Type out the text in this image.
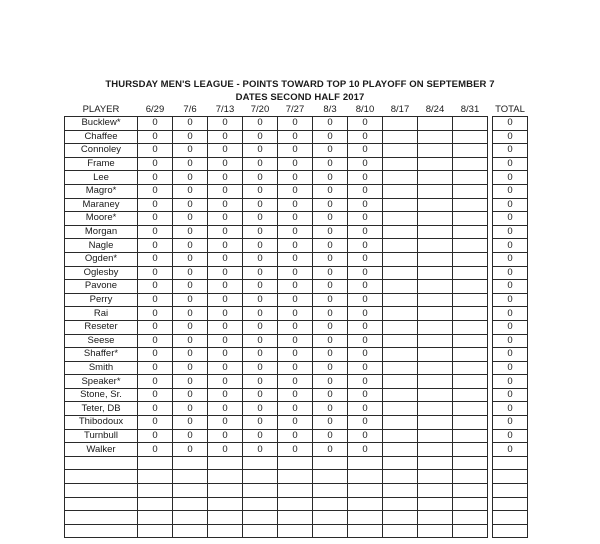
THURSDAY MEN'S LEAGUE - POINTS TOWARD TOP 10 PLAYOFF ON SEPTEMBER 7
DATES SECOND HALF 2017
PLAYER	6/29	7/6	7/13	7/20	7/27	8/3	8/10	8/17	8/24	8/31		TOTAL
Bucklew*	0	0	0	0	0	0	0					0
Chaffee	0	0	0	0	0	0	0					0
Connoley	0	0	0	0	0	0	0					0
Frame	0	0	0	0	0	0	0					0
Lee	0	0	0	0	0	0	0					0
Magro*	0	0	0	0	0	0	0					0
Maraney	0	0	0	0	0	0	0					0
Moore*	0	0	0	0	0	0	0					0
Morgan	0	0	0	0	0	0	0					0
Nagle	0	0	0	0	0	0	0					0
Ogden*	0	0	0	0	0	0	0					0
Oglesby	0	0	0	0	0	0	0					0
Pavone	0	0	0	0	0	0	0					0
Perry	0	0	0	0	0	0	0					0
Rai	0	0	0	0	0	0	0					0
Reseter	0	0	0	0	0	0	0					0
Seese	0	0	0	0	0	0	0					0
Shaffer*	0	0	0	0	0	0	0					0
Smith	0	0	0	0	0	0	0					0
Speaker*	0	0	0	0	0	0	0					0
Stone, Sr.	0	0	0	0	0	0	0					0
Teter, DB	0	0	0	0	0	0	0					0
Thibodoux	0	0	0	0	0	0	0					0
Turnbull	0	0	0	0	0	0	0					0
Walker	0	0	0	0	0	0	0					0
